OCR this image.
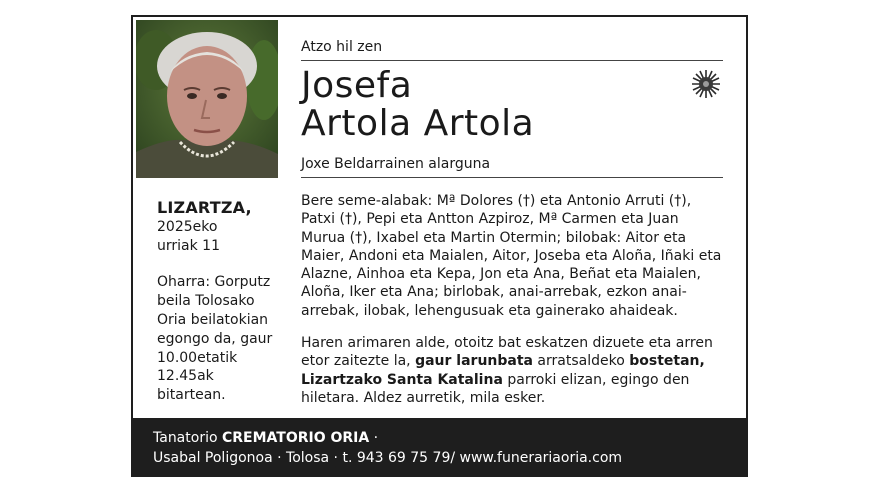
LIZARTZA,
2025eko
urriak 11
Oharra: Gorputz beila Tolosako Oria beilatokian egongo da, gaur 10.00etatik 12.45ak bitartean.
Atzo hil zen
Josefa
Artola Artola
Joxe Beldarrainen alarguna
Bere seme-alabak: Mª Dolores (†) eta Antonio Arruti (†), Patxi (†), Pepi eta Antton Azpiroz, Mª Carmen eta Juan Murua (†), Ixabel eta Martin Otermin; bilobak: Aitor eta Maier, Andoni eta Maialen, Aitor, Joseba eta Aloña, Iñaki eta Alazne, Ainhoa eta Kepa, Jon eta Ana, Beñat eta Maialen, Aloña, Iker eta Ana; birlobak, anai-arrebak, ezkon anai-arrebak, ilobak, lehengusuak eta gainerako ahaideak.
Haren arimaren alde, otoitz bat eskatzen dizuete eta arren etor zaitezte la, gaur larunbata arratsaldeko bostetan, Lizartzako Santa Katalina parroki elizan, egingo den hiletara. Aldez aurretik, mila esker.
Tanatorio CREMATORIO ORIA ·
Usabal Poligonoa · Tolosa · t. 943 69 75 79/ www.funerariaoria.com
